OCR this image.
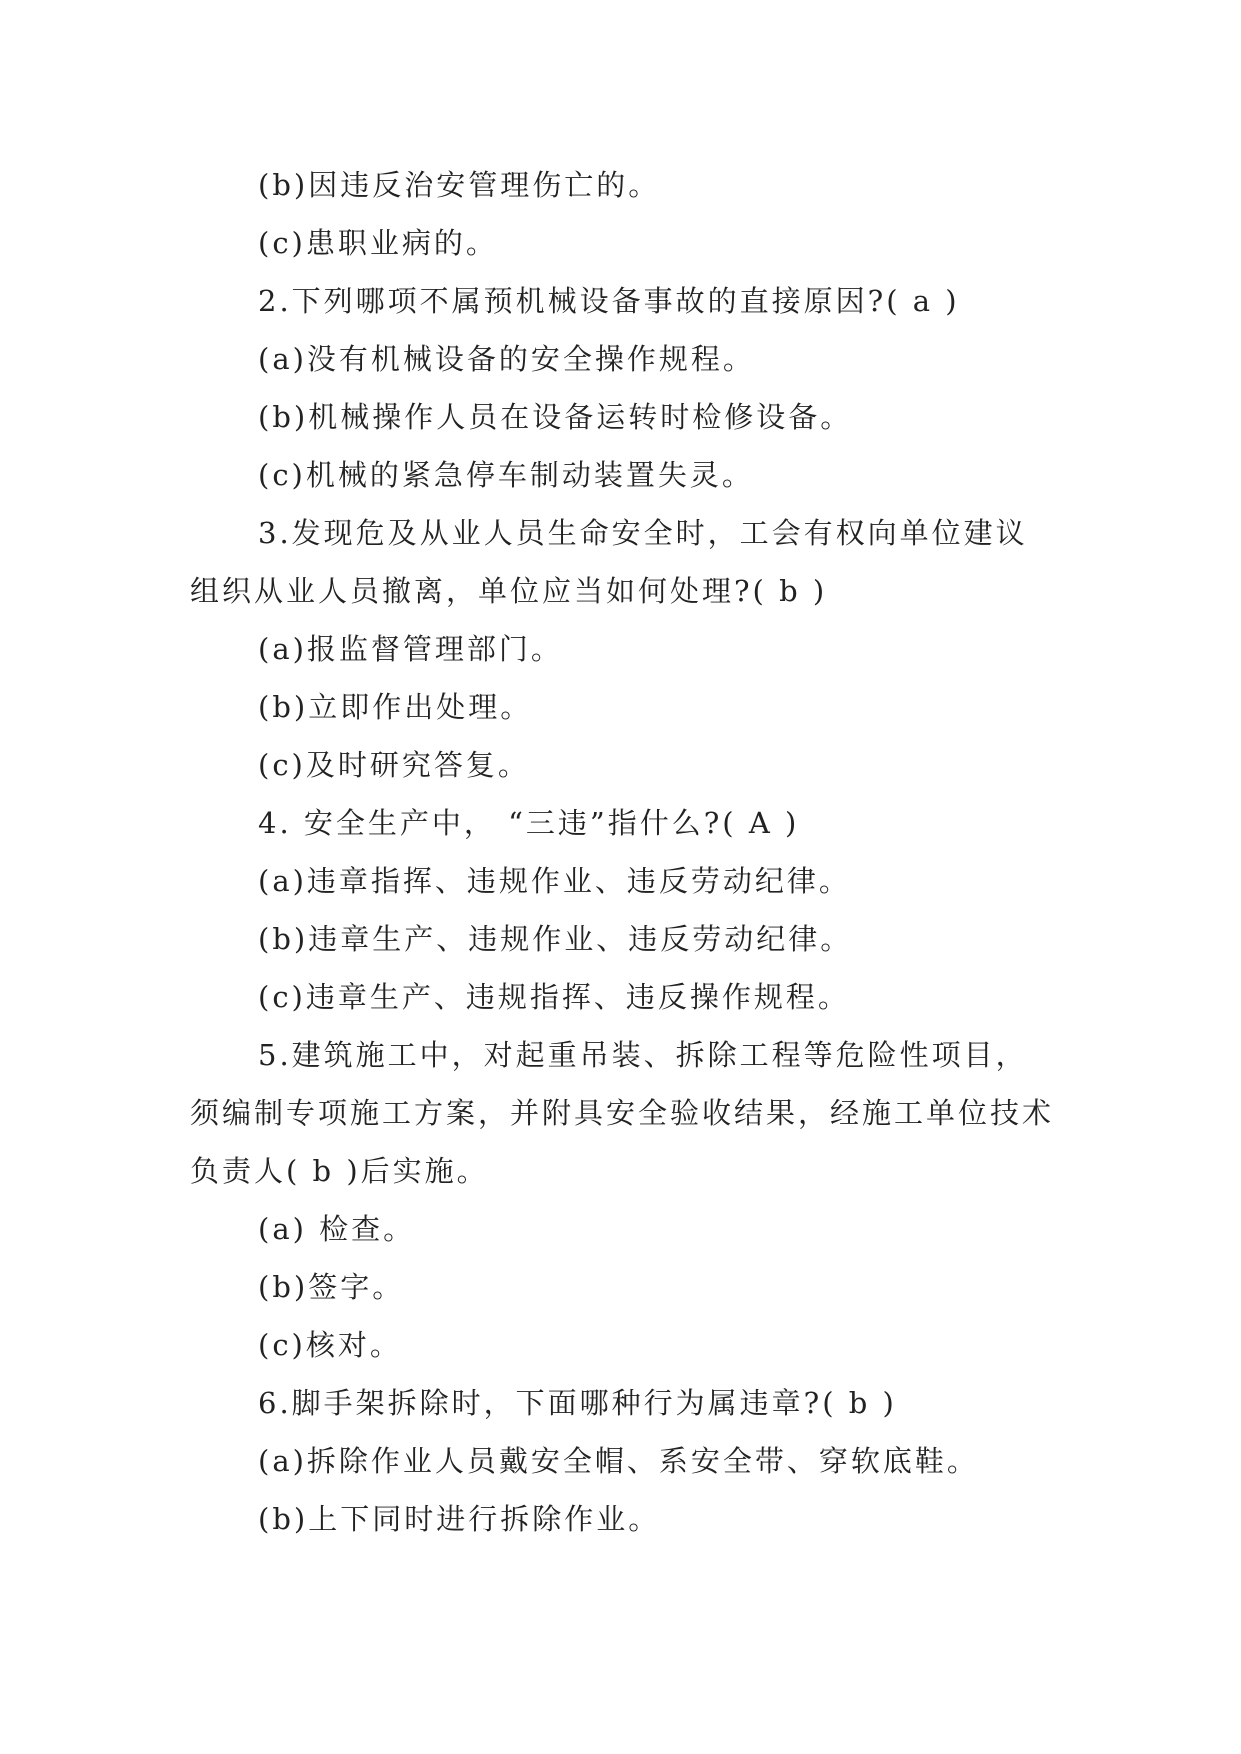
(b)因违反治安管理伤亡的。

(c)患职业病的。

2.下列哪项不属预机械设备事故的直接原因?( a )

(a)没有机械设备的安全操作规程。

(b)机械操作人员在设备运转时检修设备。

(c)机械的紧急停车制动装置失灵。

3.发现危及从业人员生命安全时，工会有权向单位建议组织从业人员撤离，单位应当如何处理?( b )

(a)报监督管理部门。

(b)立即作出处理。

(c)及时研究答复。

4. 安全生产中， “三违”指什么?( A )

(a)违章指挥、违规作业、违反劳动纪律。

(b)违章生产、违规作业、违反劳动纪律。

(c)违章生产、违规指挥、违反操作规程。

5.建筑施工中，对起重吊装、拆除工程等危险性项目，须编制专项施工方案，并附具安全验收结果，经施工单位技术负责人( b )后实施。

(a) 检查。

(b)签字。

(c)核对。

6.脚手架拆除时，下面哪种行为属违章?( b )

(a)拆除作业人员戴安全帽、系安全带、穿软底鞋。

(b)上下同时进行拆除作业。
